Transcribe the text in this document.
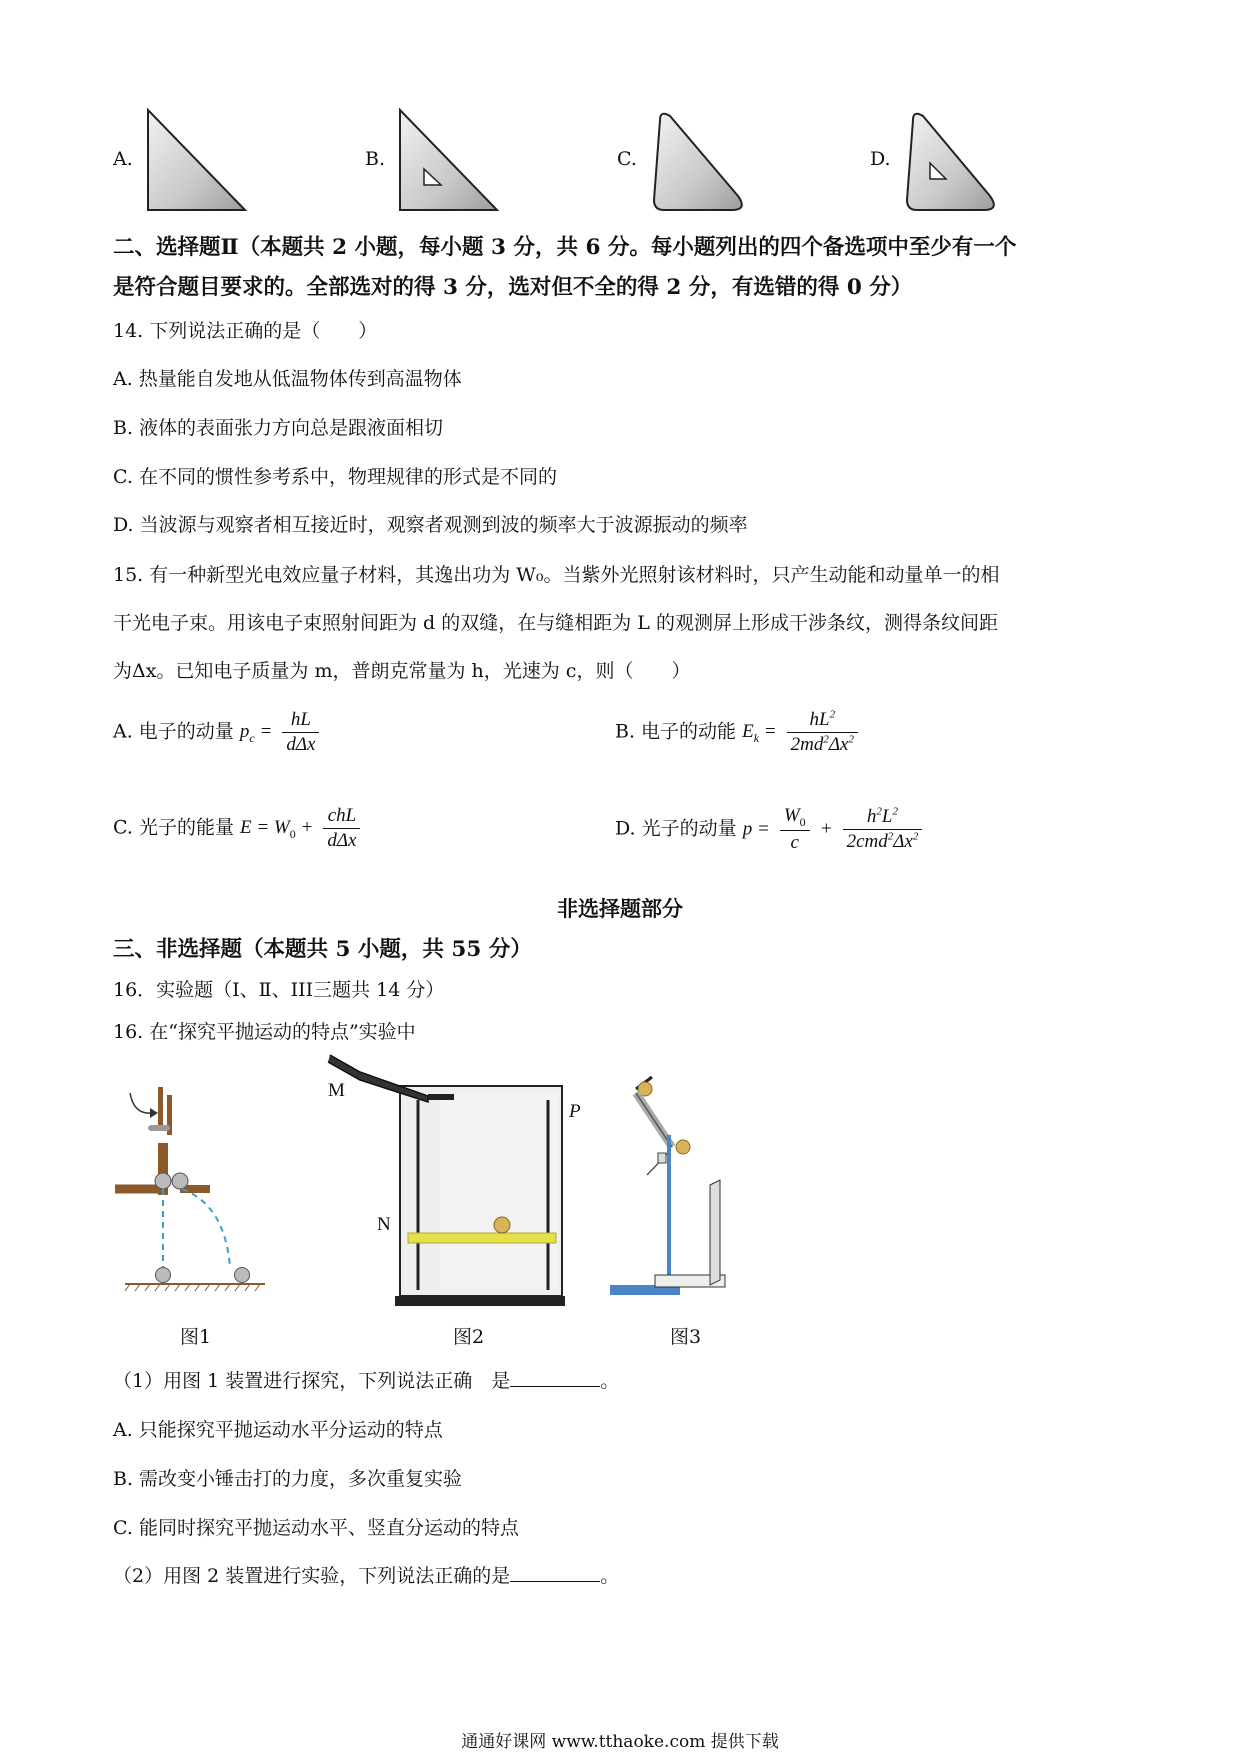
A.	B.	C.	D.
二、选择题Ⅱ（本题共 2 小题，每小题 3 分，共 6 分。每小题列出的四个备选项中至少有一个
是符合题目要求的。全部选对的得 3 分，选对但不全的得 2 分，有选错的得 0 分）
14. 下列说法正确的是（　　）
A. 热量能自发地从低温物体传到高温物体
B. 液体的表面张力方向总是跟液面相切
C. 在不同的惯性参考系中，物理规律的形式是不同的
D. 当波源与观察者相互接近时，观察者观测到波的频率大于波源振动的频率
15. 有一种新型光电效应量子材料，其逸出功为 W₀。当紫外光照射该材料时，只产生动能和动量单一的相
干光电子束。用该电子束照射间距为 d 的双缝，在与缝相距为 L 的观测屏上形成干涉条纹，测得条纹间距
为Δx。已知电子质量为 m，普朗克常量为 h，光速为 c，则（　　）
A. 电子的动量 $p_c = \frac{hL}{\text{dΔx}}$	B. 电子的动能 $E_k = \frac{hL^2}{2md^2\Delta x^2}$
C. 光子的能量 $E = W_0 + \frac{\text{chL}}{\text{dΔx}}$	D. 光子的动量 $p = \frac{W_0}{c} + \frac{h^2L^2}{2cmd^2\Delta x^2}$
非选择题部分
三、非选择题（本题共 5 小题，共 55 分）
16．实验题（Ⅰ、Ⅱ、III三题共 14 分）
16. 在“探究平抛运动的特点”实验中
M
N
P
图1	图2	图3
（1）用图 1 装置进行探究，下列说法正确　是	。
A. 只能探究平抛运动水平分运动的特点
B. 需改变小锤击打的力度，多次重复实验
C. 能同时探究平抛运动水平、竖直分运动的特点
（2）用图 2 装置进行实验，下列说法正确的是	。
通通好课网 www.tthaoke.com 提供下载
